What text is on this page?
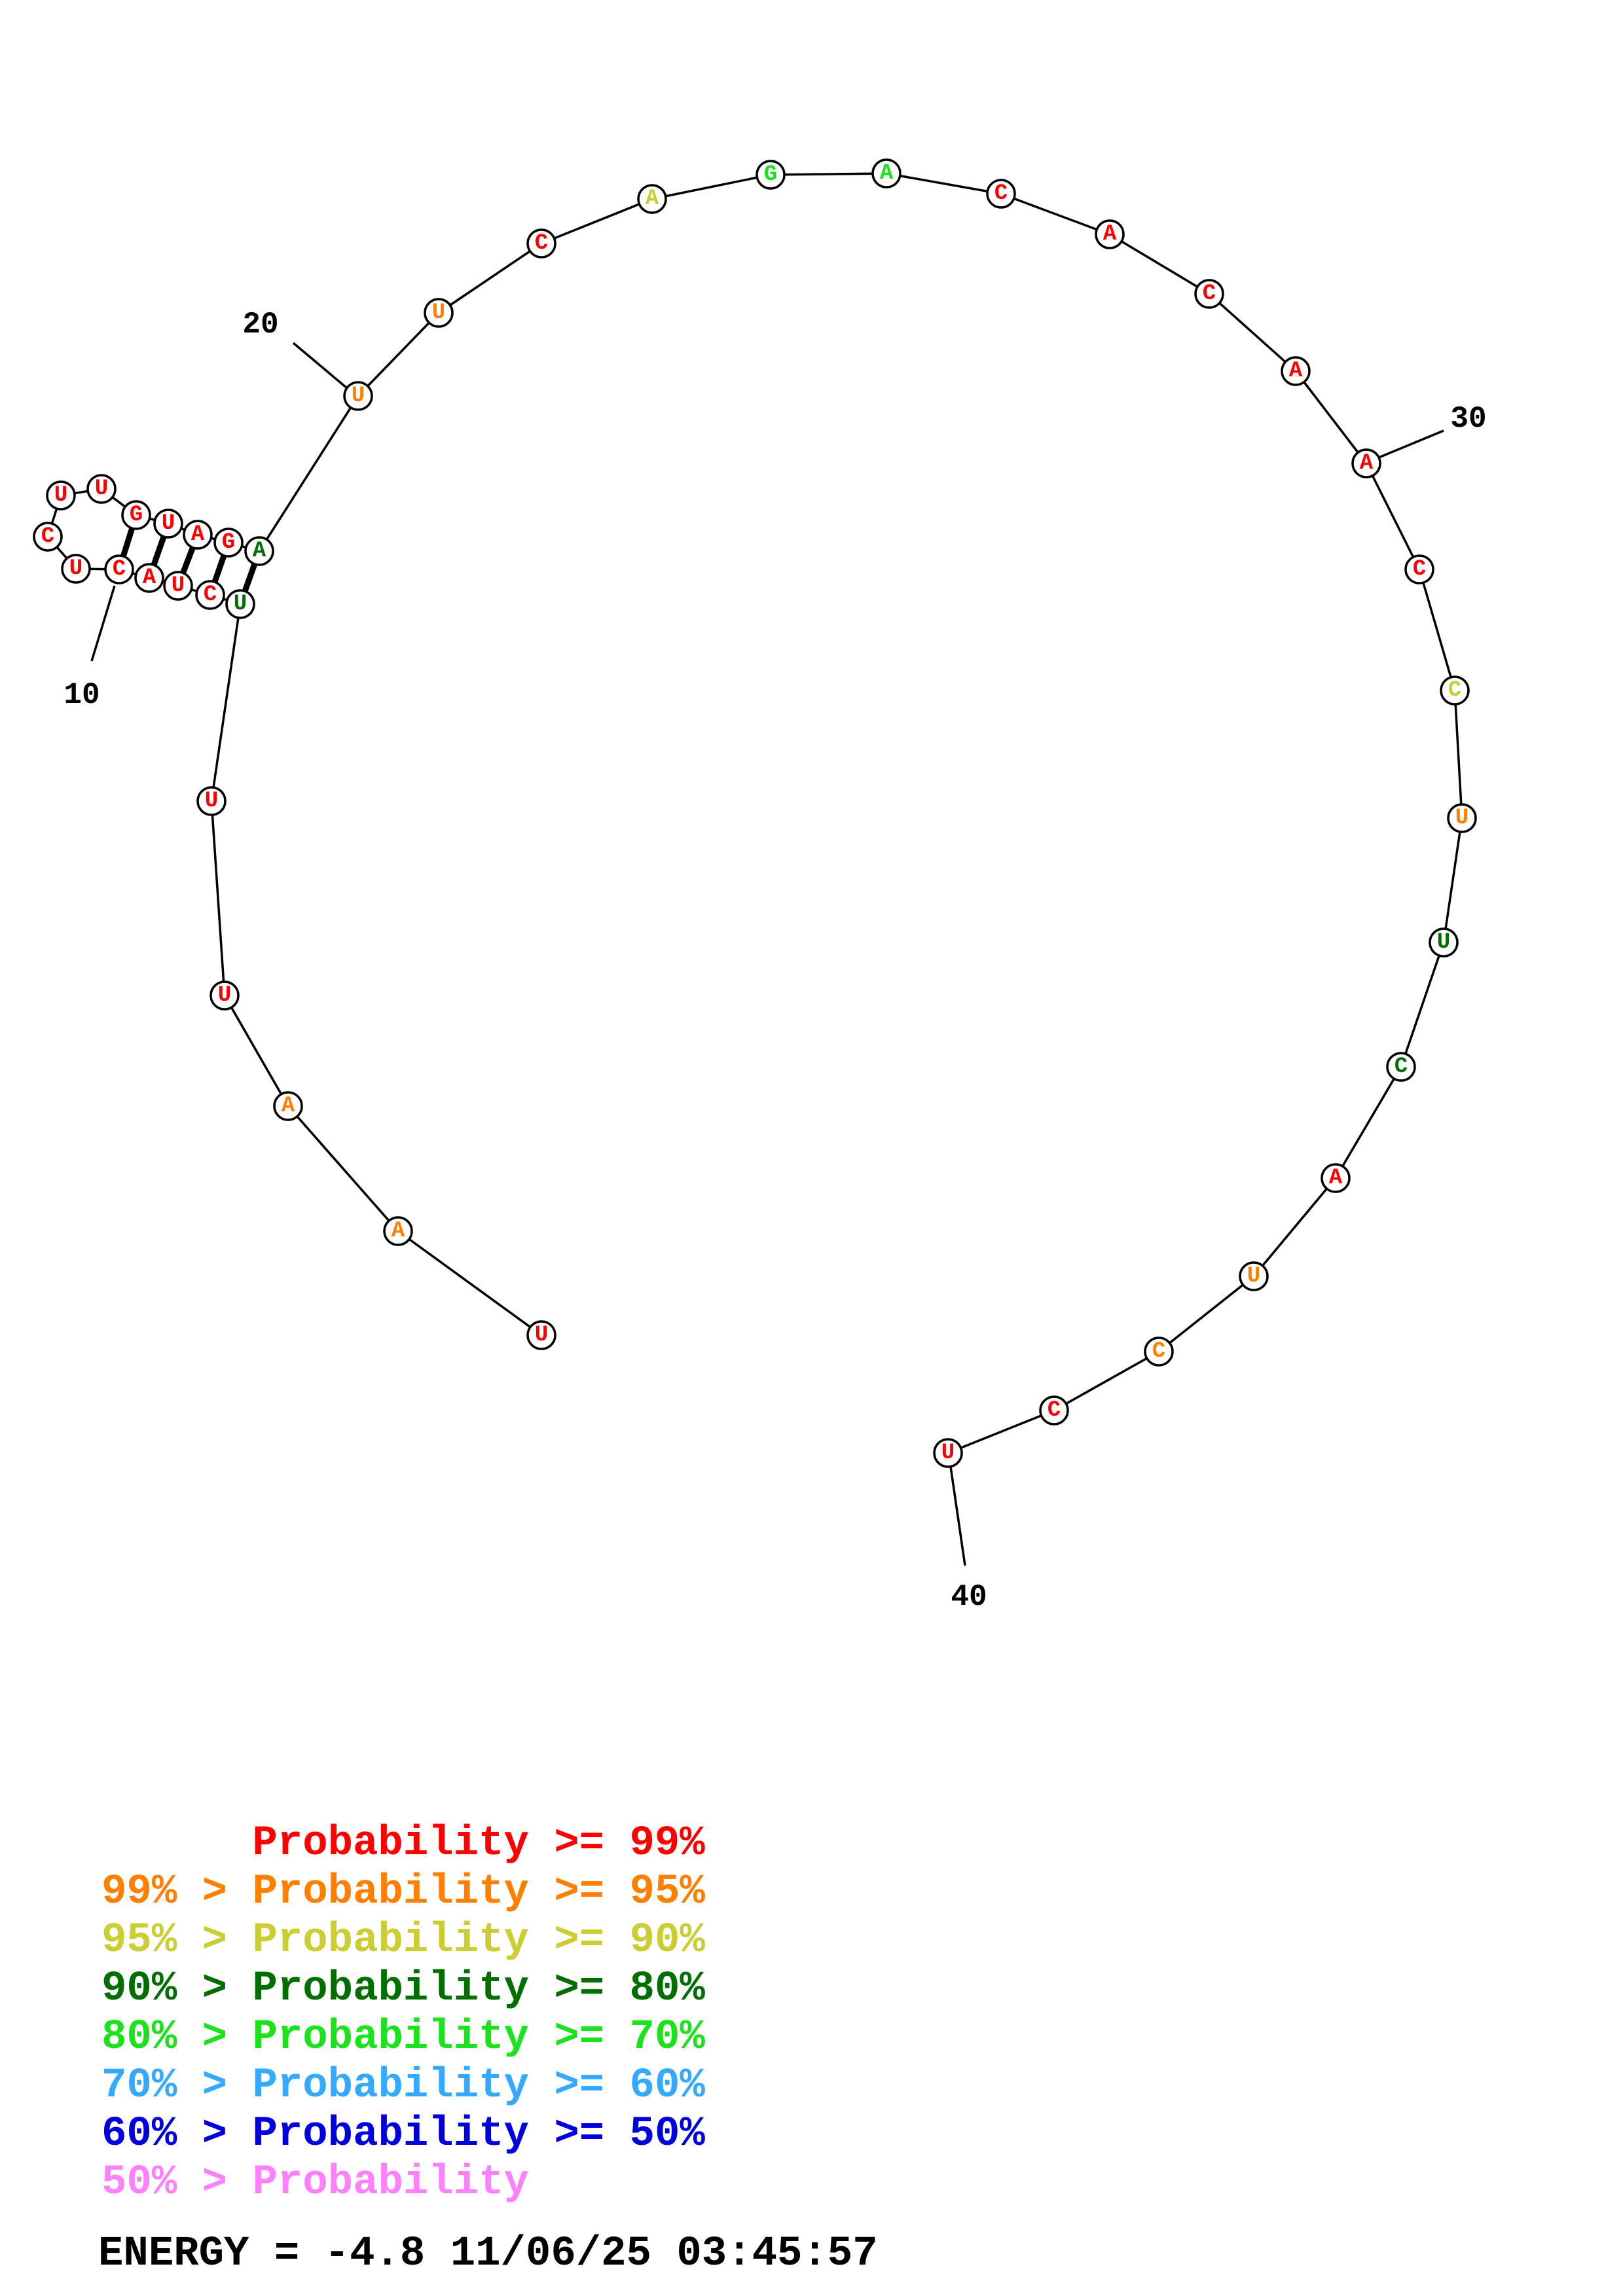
U
A
A
U
U
U
C
U
A
C
U
C
U U
G U A G A
U
U
C
A
G	A
C
A
C
A
A
C
C
U
U
C
A
U
C
C
U
10
20
30
40
Probability >= 99%
99% > Probability >= 95%
95% > Probability >= 90%
90% > Probability >= 80%
80% > Probability >= 70%
70% > Probability >= 60%
60% > Probability >= 50%
50% > Probability
ENERGY = -4.8 11/06/25 03:45:57
